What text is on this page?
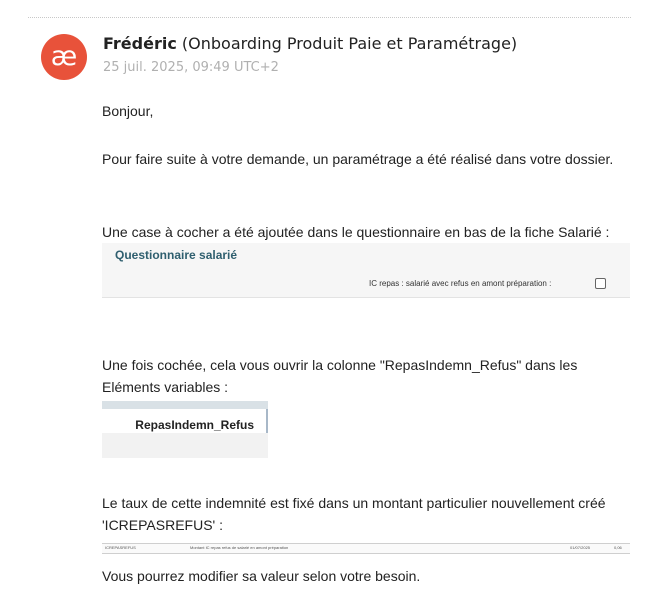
æ	Frédéric (Onboarding Produit Paie et Paramétrage)
25 juil. 2025, 09:49 UTC+2

Bonjour,

Pour faire suite à votre demande, un paramétrage a été réalisé dans votre dossier.

Une case à cocher a été ajoutée dans le questionnaire en bas de la fiche Salarié :

Questionnaire salarié
IC repas : salarié avec refus en amont préparation :

Une fois cochée, cela vous ouvrir la colonne "RepasIndemn_Refus" dans les Eléments variables :

RepasIndemn_Refus

Le taux de cette indemnité est fixé dans un montant particulier nouvellement créé 'ICREPASREFUS' :

ICREPASREFUS	Montant IC repas refus de salarié en amont préparation	01/07/2025	0,06

Vous pourrez modifier sa valeur selon votre besoin.
